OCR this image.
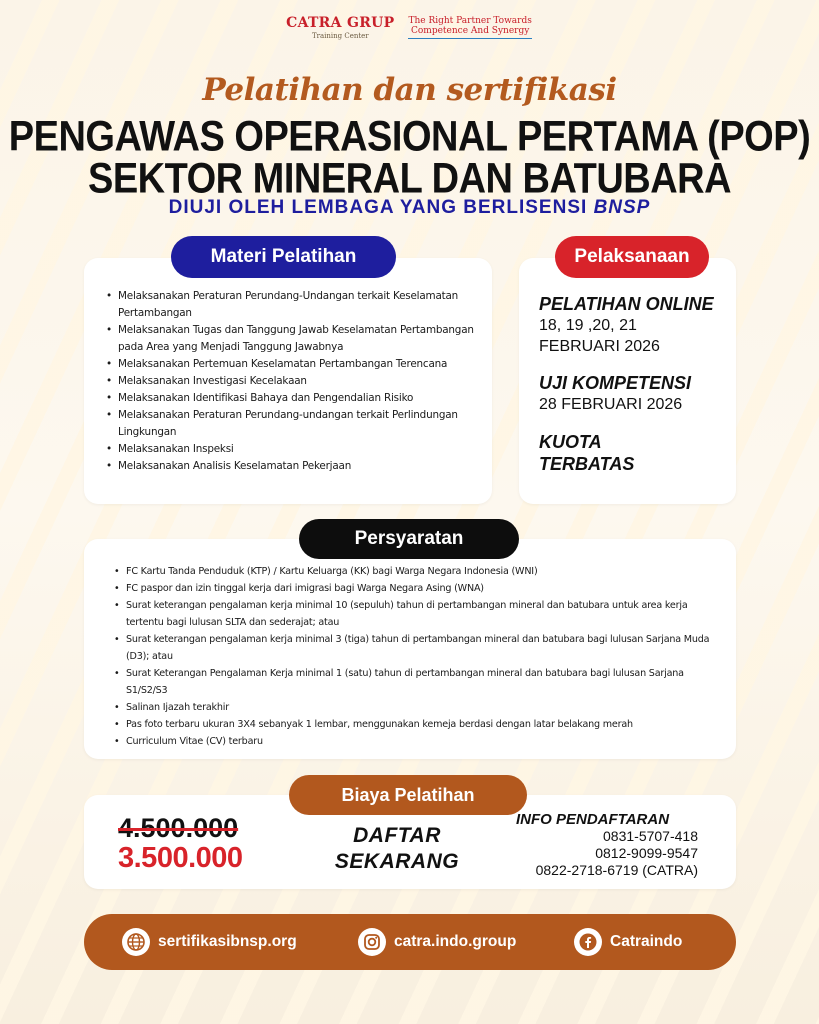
CATRA GRUP
Training Center
The Right Partner Towards
Competence And Synergy
Pelatihan dan sertifikasi
PENGAWAS OPERASIONAL PERTAMA (POP)
SEKTOR MINERAL DAN BATUBARA
DIUJI OLEH LEMBAGA YANG BERLISENSI BNSP
• Melaksanakan Peraturan Perundang-Undangan terkait Keselamatan Pertambangan
• Melaksanakan Tugas dan Tanggung Jawab Keselamatan Pertambangan pada Area yang Menjadi Tanggung Jawabnya
• Melaksanakan Pertemuan Keselamatan Pertambangan Terencana
• Melaksanakan Investigasi Kecelakaan
• Melaksanakan Identifikasi Bahaya dan Pengendalian Risiko
• Melaksanakan Peraturan Perundang-undangan terkait Perlindungan Lingkungan
• Melaksanakan Inspeksi
• Melaksanakan Analisis Keselamatan Pekerjaan
Materi Pelatihan
PELATIHAN ONLINE
18, 19 ,20, 21
FEBRUARI 2026
UJI KOMPETENSI
28 FEBRUARI 2026
KUOTA
TERBATAS
Pelaksanaan
• FC Kartu Tanda Penduduk (KTP) / Kartu Keluarga (KK) bagi Warga Negara Indonesia (WNI)
• FC paspor dan izin tinggal kerja dari imigrasi bagi Warga Negara Asing (WNA)
• Surat keterangan pengalaman kerja minimal 10 (sepuluh) tahun di pertambangan mineral dan batubara untuk area kerja tertentu bagi lulusan SLTA dan sederajat; atau
• Surat keterangan pengalaman kerja minimal 3 (tiga) tahun di pertambangan mineral dan batubara bagi lulusan Sarjana Muda (D3); atau
• Surat Keterangan Pengalaman Kerja minimal 1 (satu) tahun di pertambangan mineral dan batubara bagi lulusan Sarjana S1/S2/S3
• Salinan Ijazah terakhir
• Pas foto terbaru ukuran 3X4 sebanyak 1 lembar, menggunakan kemeja berdasi dengan latar belakang merah
• Curriculum Vitae (CV) terbaru
Persyaratan
4.500.000
3.500.000
DAFTAR
SEKARANG
INFO PENDAFTARAN
0831-5707-418
0812-9099-9547
0822-2718-6719 (CATRA)
Biaya Pelatihan
sertifikasibnsp.org	catra.indo.group	Catraindo
